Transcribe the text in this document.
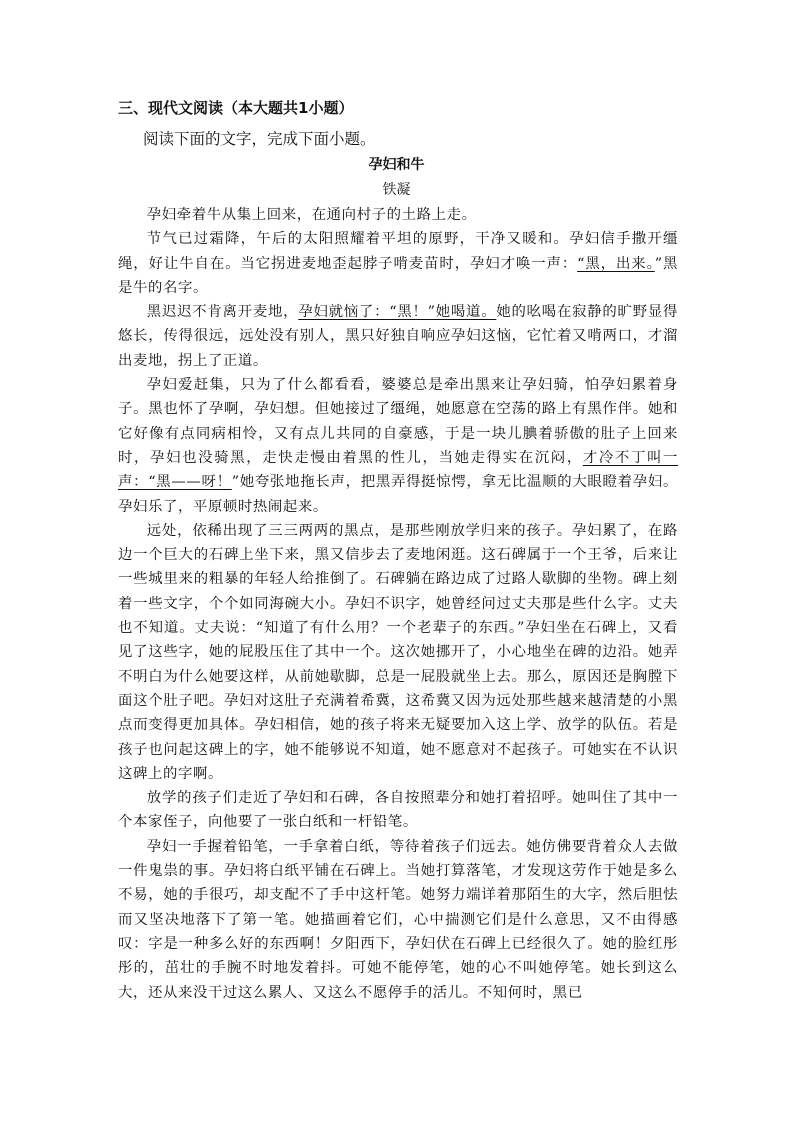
三、现代文阅读（本大题共1小题）
阅读下面的文字，完成下面小题。
孕妇和牛
铁凝

孕妇牵着牛从集上回来，在通向村子的土路上走。

节气已过霜降，午后的太阳照耀着平坦的原野，干净又暖和。孕妇信手撒开缰绳，好让牛自在。当它拐进麦地歪起脖子啃麦苗时，孕妇才唤一声：“黑，出来。”黑是牛的名字。

黑迟迟不肯离开麦地，孕妇就恼了：“黑！”她喝道。她的吆喝在寂静的旷野显得悠长，传得很远，远处没有别人，黑只好独自响应孕妇这恼，它忙着又啃两口，才溜出麦地，拐上了正道。

孕妇爱赶集，只为了什么都看看，婆婆总是牵出黑来让孕妇骑，怕孕妇累着身子。黑也怀了孕啊，孕妇想。但她接过了缰绳，她愿意在空荡的路上有黑作伴。她和它好像有点同病相怜，又有点儿共同的自豪感，于是一块儿腆着骄傲的肚子上回来时，孕妇也没骑黑，走快走慢由着黑的性儿，当她走得实在沉闷，才冷不丁叫一声：“黑——呀！”她夸张地拖长声，把黑弄得挺惊愕，拿无比温顺的大眼瞪着孕妇。孕妇乐了，平原顿时热闹起来。

远处，依稀出现了三三两两的黑点，是那些刚放学归来的孩子。孕妇累了，在路边一个巨大的石碑上坐下来，黑又信步去了麦地闲逛。这石碑属于一个王爷，后来让一些城里来的粗暴的年轻人给推倒了。石碑躺在路边成了过路人歇脚的坐物。碑上刻着一些文字，个个如同海碗大小。孕妇不识字，她曾经问过丈夫那是些什么字。丈夫也不知道。丈夫说：“知道了有什么用？一个老辈子的东西。”孕妇坐在石碑上，又看见了这些字，她的屁股压住了其中一个。这次她挪开了，小心地坐在碑的边沿。她弄不明白为什么她要这样，从前她歇脚，总是一屁股就坐上去。那么，原因还是胸膛下面这个肚子吧。孕妇对这肚子充满着希冀，这希冀又因为远处那些越来越清楚的小黑点而变得更加具体。孕妇相信，她的孩子将来无疑要加入这上学、放学的队伍。若是孩子也问起这碑上的字，她不能够说不知道，她不愿意对不起孩子。可她实在不认识这碑上的字啊。

放学的孩子们走近了孕妇和石碑，各自按照辈分和她打着招呼。她叫住了其中一个本家侄子，向他要了一张白纸和一杆铅笔。

孕妇一手握着铅笔，一手拿着白纸，等待着孩子们远去。她仿佛要背着众人去做一件鬼祟的事。孕妇将白纸平铺在石碑上。当她打算落笔，才发现这劳作于她是多么不易，她的手很巧，却支配不了手中这杆笔。她努力端详着那陌生的大字，然后胆怯而又坚决地落下了第一笔。她描画着它们，心中揣测它们是什么意思，又不由得感叹：字是一种多么好的东西啊！夕阳西下，孕妇伏在石碑上已经很久了。她的脸红彤彤的，茁壮的手腕不时地发着抖。可她不能停笔，她的心不叫她停笔。她长到这么大，还从来没干过这么累人、又这么不愿停手的活儿。不知何时，黑已
